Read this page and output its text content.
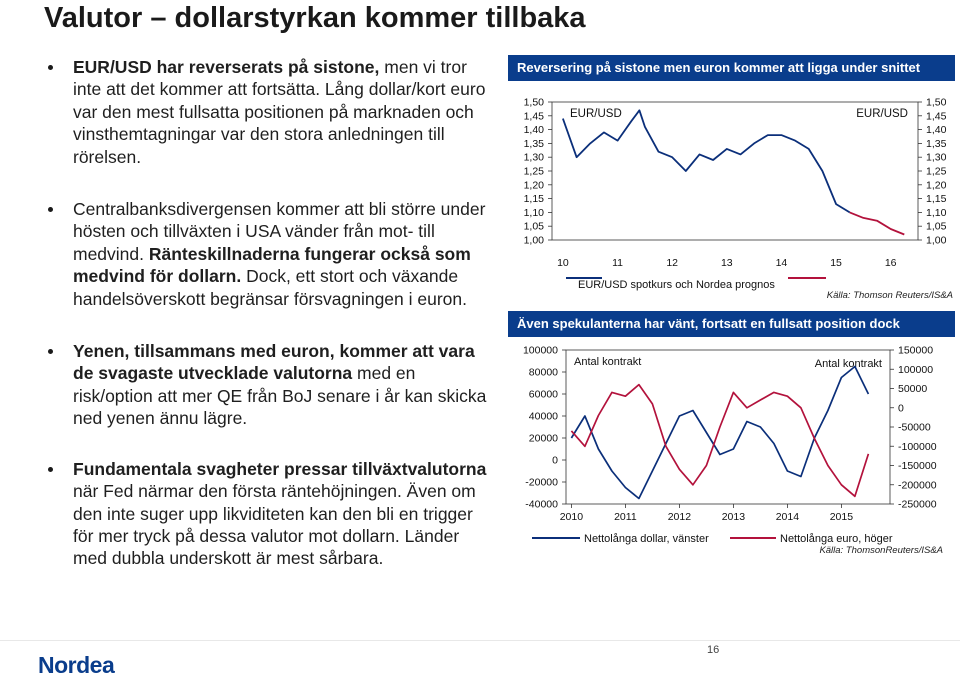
Valutor – dollarstyrkan kommer tillbaka

EUR/USD har reverserats på sistone, men vi tror inte att det kommer att fortsätta. Lång dollar/kort euro var den mest fullsatta positionen på marknaden och vinsthemtagningar var den stora anledningen till rörelsen.

Centralbanksdivergensen kommer att bli större under hösten och tillväxten i USA vänder från mot- till medvind. Ränteskillnaderna fungerar också som medvind för dollarn. Dock, ett stort och växande handelsöverskott begränsar försvagningen i euron.

Yenen, tillsammans med euron, kommer att vara de svagaste utvecklade valutorna med en risk/option att mer QE från BoJ senare i år kan skicka ned yenen ännu lägre.

Fundamentala svagheter pressar tillväxtvalutorna när Fed närmar den första räntehöjningen. Även om den inte suger upp likviditeten kan den bli en trigger för mer tryck på dessa valutor mot dollarn. Länder med dubbla underskott är mest sårbara.

Reversering på sistone men euron kommer att ligga under snittet
1,50	1,50
1,45	1,45
1,40	1,40
1,35	1,35
1,30	1,30
1,25	1,25
1,20	1,20
1,15	1,15
1,10	1,10
1,05	1,05
1,00	1,00
10	11	12	13	14	15	16
EUR/USD	EUR/USD
EUR/USD spotkurs och Nordea prognos
Källa: Thomson Reuters/IS&A
Även spekulanterna har vänt, fortsatt en fullsatt position dock
100000
80000
60000
40000
20000
0
-20000
-40000
150000
100000
50000
0
-50000
-100000
-150000
-200000
-250000
2010	2011	2012	2013	2014	2015
Antal kontrakt	Antal kontrakt
Nettolånga dollar, vänster	Nettolånga euro, höger
Källa: ThomsonReuters/IS&A
Nordea
16
